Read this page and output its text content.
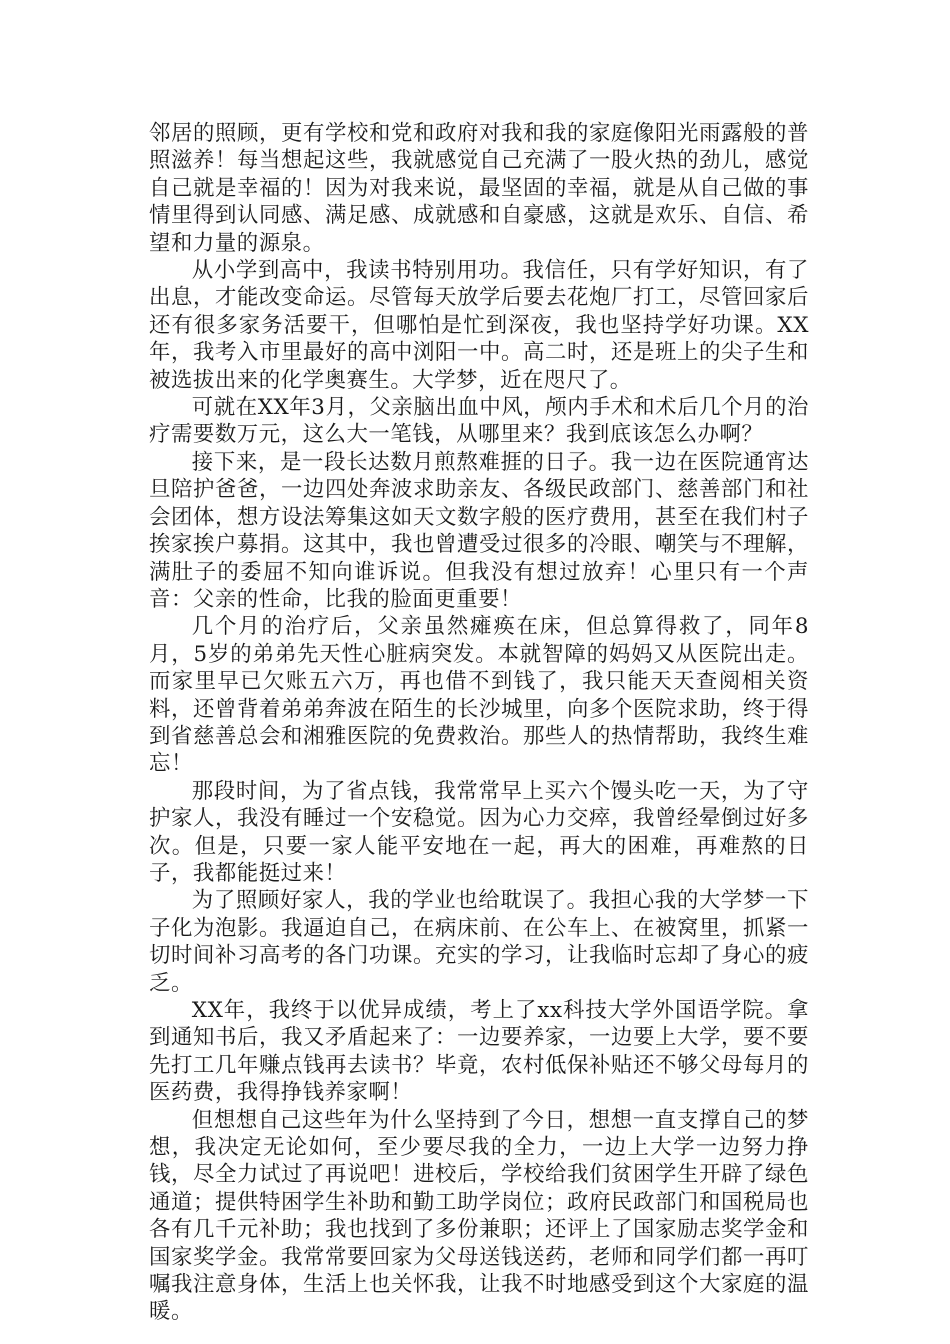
邻居的照顾，更有学校和党和政府对我和我的家庭像阳光雨露般的普照滋养！每当想起这些，我就感觉自己充满了一股火热的劲儿，感觉自己就是幸福的！因为对我来说，最坚固的幸福，就是从自己做的事情里得到认同感、满足感、成就感和自豪感，这就是欢乐、自信、希望和力量的源泉。

从小学到高中，我读书特别用功。我信任，只有学好知识，有了出息，才能改变命运。尽管每天放学后要去花炮厂打工，尽管回家后还有很多家务活要干，但哪怕是忙到深夜，我也坚持学好功课。XX年，我考入市里最好的高中浏阳一中。高二时，还是班上的尖子生和被选拔出来的化学奥赛生。大学梦，近在咫尺了。

可就在XX年3月，父亲脑出血中风，颅内手术和术后几个月的治疗需要数万元，这么大一笔钱，从哪里来？我到底该怎么办啊？

接下来，是一段长达数月煎熬难捱的日子。我一边在医院通宵达旦陪护爸爸，一边四处奔波求助亲友、各级民政部门、慈善部门和社会团体，想方设法筹集这如天文数字般的医疗费用，甚至在我们村子挨家挨户募捐。这其中，我也曾遭受过很多的冷眼、嘲笑与不理解，满肚子的委屈不知向谁诉说。但我没有想过放弃！心里只有一个声音：父亲的性命，比我的脸面更重要！

几个月的治疗后，父亲虽然瘫痪在床，但总算得救了，同年8月，5岁的弟弟先天性心脏病突发。本就智障的妈妈又从医院出走。而家里早已欠账五六万，再也借不到钱了，我只能天天查阅相关资料，还曾背着弟弟奔波在陌生的长沙城里，向多个医院求助，终于得到省慈善总会和湘雅医院的免费救治。那些人的热情帮助，我终生难忘！

那段时间，为了省点钱，我常常早上买六个馒头吃一天，为了守护家人，我没有睡过一个安稳觉。因为心力交瘁，我曾经晕倒过好多次。但是，只要一家人能平安地在一起，再大的困难，再难熬的日子，我都能挺过来！

为了照顾好家人，我的学业也给耽误了。我担心我的大学梦一下子化为泡影。我逼迫自己，在病床前、在公车上、在被窝里，抓紧一切时间补习高考的各门功课。充实的学习，让我临时忘却了身心的疲乏。

XX年，我终于以优异成绩，考上了xx科技大学外国语学院。拿到通知书后，我又矛盾起来了：一边要养家，一边要上大学，要不要先打工几年赚点钱再去读书？毕竟，农村低保补贴还不够父母每月的医药费，我得挣钱养家啊！

但想想自己这些年为什么坚持到了今日，想想一直支撑自己的梦想，我决定无论如何，至少要尽我的全力，一边上大学一边努力挣钱，尽全力试过了再说吧！进校后，学校给我们贫困学生开辟了绿色通道；提供特困学生补助和勤工助学岗位；政府民政部门和国税局也各有几千元补助；我也找到了多份兼职；还评上了国家励志奖学金和国家奖学金。我常常要回家为父母送钱送药，老师和同学们都一再叮嘱我注意身体，生活上也关怀我，让我不时地感受到这个大家庭的温暖。
